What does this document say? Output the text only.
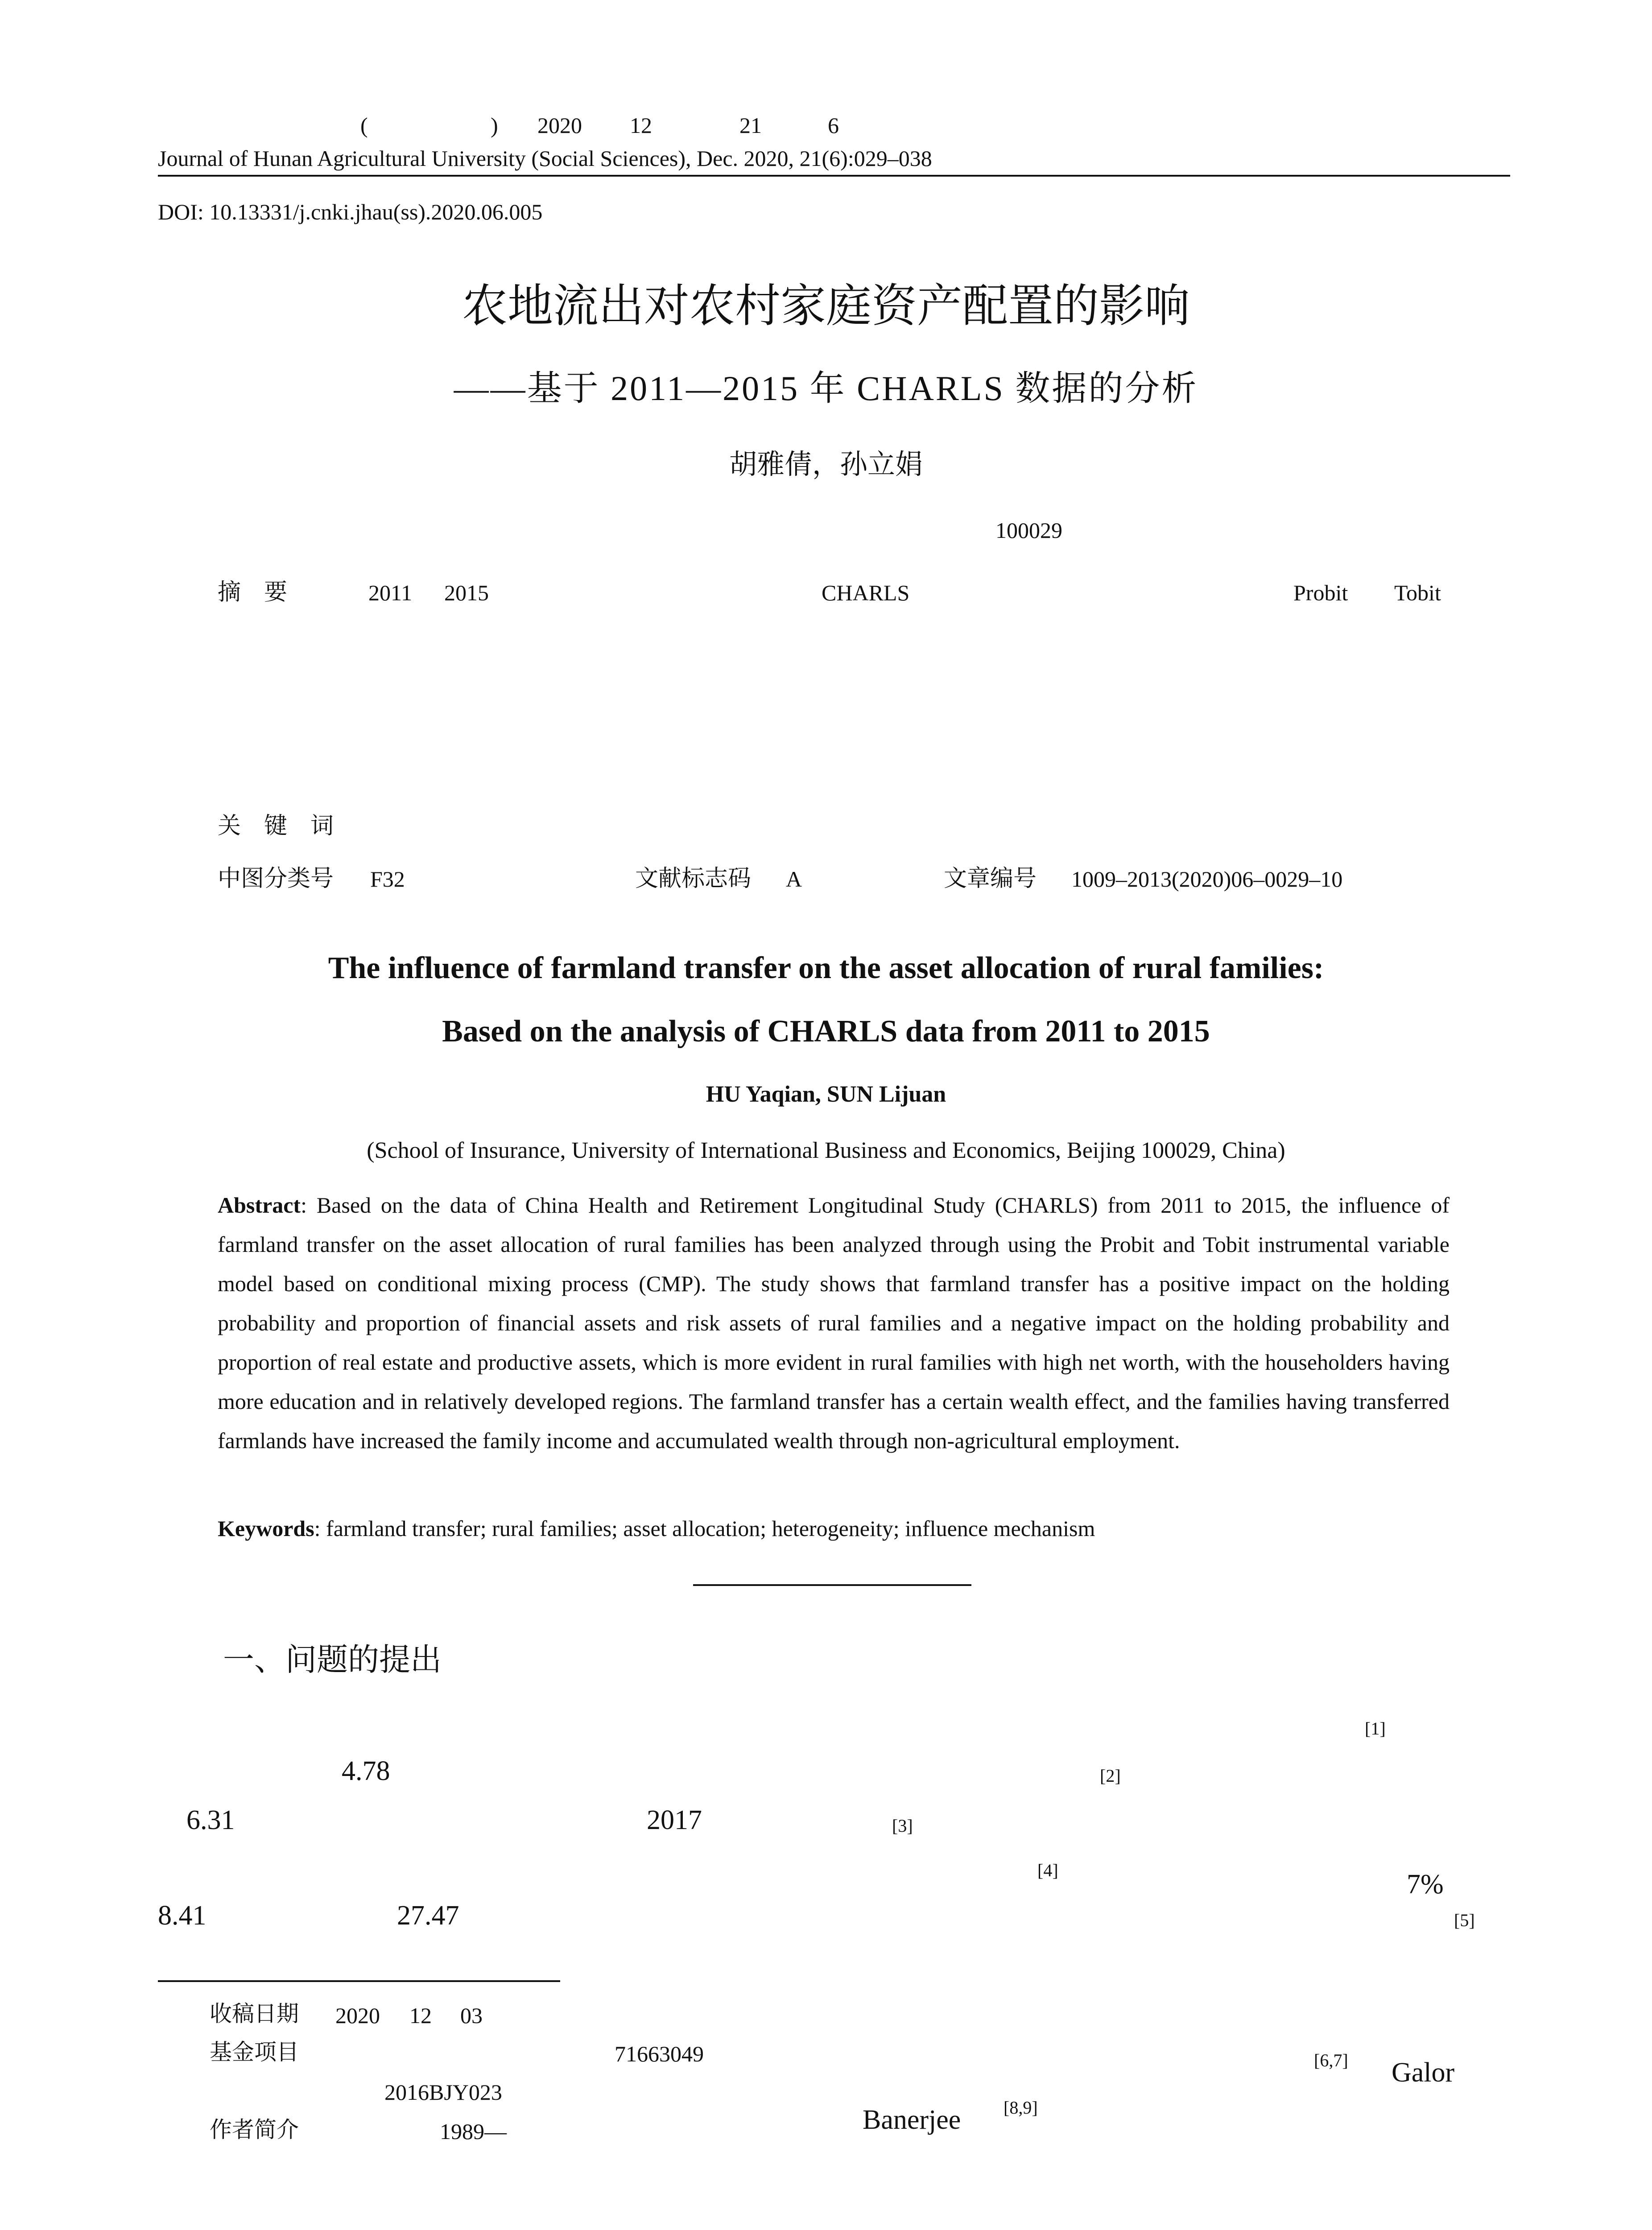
(	) 2020 12	21	6
Journal of Hunan Agricultural University (Social Sciences), Dec. 2020, 21(6):029–038
DOI: 10.13331/j.cnki.jhau(ss).2020.06.005
农地流出对农村家庭资产配置的影响
——基于 2011—2015 年 CHARLS 数据的分析
胡雅倩，孙立娟
100029
摘　要	2011 2015	CHARLS	Probit Tobit
关　键　词
中图分类号 F32	文献标志码 A	文章编号 1009–2013(2020)06–0029–10
The influence of farmland transfer on the asset allocation of rural families:
Based on the analysis of CHARLS data from 2011 to 2015
HU Yaqian, SUN Lijuan
(School of Insurance, University of International Business and Economics, Beijing 100029, China)
Abstract: Based on the data of China Health and Retirement Longitudinal Study (CHARLS) from 2011 to 2015, the influence of farmland transfer on the asset allocation of rural families has been analyzed through using the Probit and Tobit instrumental variable model based on conditional mixing process (CMP). The study shows that farmland transfer has a positive impact on the holding probability and proportion of financial assets and risk assets of rural families and a negative impact on the holding probability and proportion of real estate and productive assets, which is more evident in rural families with high net worth, with the householders having more education and in relatively developed regions. The farmland transfer has a certain wealth effect, and the families having transferred farmlands have increased the family income and accumulated wealth through non-agricultural employment.
Keywords: farmland transfer; rural families; asset allocation; heterogeneity; influence mechanism
一、问题的提出
[1]
4.78	[2]
6.31	2017	[3]
[4]	7%
8.41	27.47	[5]
收稿日期 2020 12 03
基金项目	71663049
2016BJY023
作者简介	1989—
[6,7] Galor
Banerjee [8,9]
